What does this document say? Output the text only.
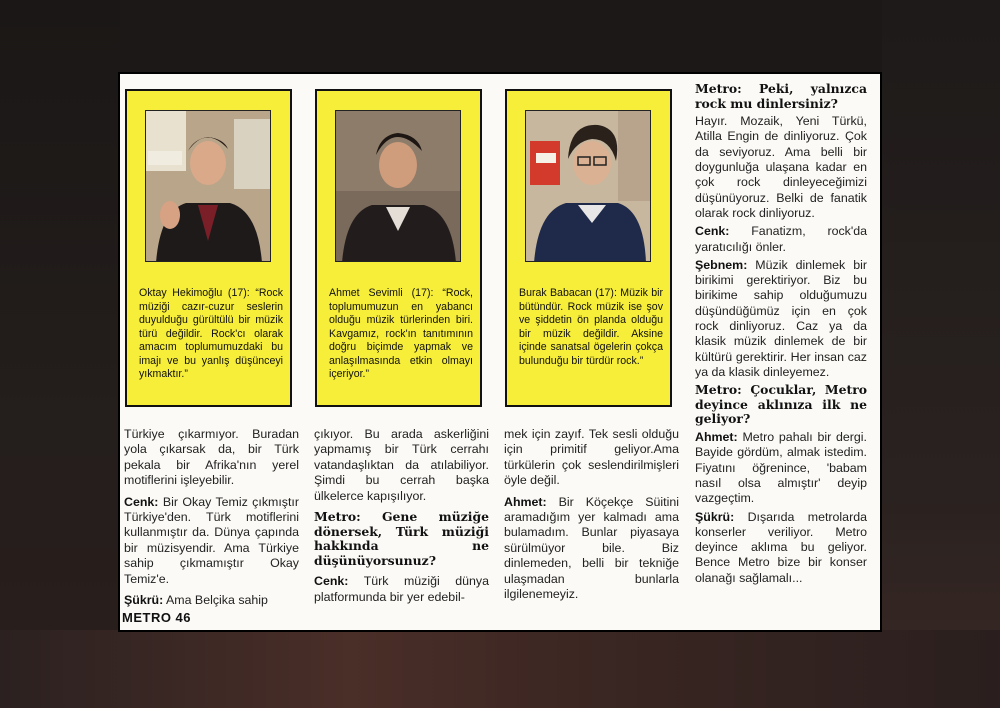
Oktay Hekimoğlu (17): “Rock müziği cazır-cuzur seslerin duyulduğu gürültülü bir müzik türü değildir. Rock'cı olarak amacım toplumumuzdaki bu imajı ve bu yanlış düşünceyi yıkmaktır.”
Ahmet Sevimli (17): “Rock, toplumumuzun en yabancı olduğu müzik türlerinden biri. Kavgamız, rock'ın tanıtımının doğru biçimde yapmak ve anlaşılmasında etkin olmayı içeriyor.”
Burak Babacan (17): Müzik bir bütündür. Rock müzik ise şov ve şiddetin ön planda olduğu bir müzik değildir. Aksine içinde sanatsal ögelerin çokça bulunduğu bir türdür rock.”

Türkiye çıkarmıyor. Buradan yola çıkarsak da, bir Türk pekala bir Afrika'nın yerel motiflerini işleyebilir.

Cenk: Bir Okay Temiz çıkmıştır Türkiye'den. Türk motiflerini kullanmıştır da. Dünya çapında bir müzisyendir. Ama Türkiye sahip çıkmamıştır Okay Temiz'e.

Şükrü: Ama Belçika sahip

çıkıyor. Bu arada askerliğini yapmamış bir Türk cerrahı vatandaşlıktan da atılabiliyor. Şimdi bu cerrah başka ülkelerce kapışılıyor.

Metro: Gene müziğe dönersek, Türk müziği hakkında ne düşünüyorsunuz?

Cenk: Türk müziği dünya platformunda bir yer edebil-

mek için zayıf. Tek sesli olduğu için primitif geliyor.Ama türkülerin çok seslendirilmişleri öyle değil.

Ahmet: Bir Köçekçe Süitini aramadığım yer kalmadı ama bulamadım. Bunlar piyasaya sürülmüyor bile. Biz dinlemeden, belli bir tekniğe ulaşmadan bunlarla ilgilenemeyiz.

Metro: Peki, yalnızca rock mu dinlersiniz?

Hayır. Mozaik, Yeni Türkü, Atilla Engin de dinliyoruz. Çok da seviyoruz. Ama belli bir doygunluğa ulaşana kadar en çok rock dinleyeceğimizi düşünüyoruz. Belki de fanatik olarak rock dinliyoruz.

Cenk: Fanatizm, rock'da yaratıcılığı önler.

Şebnem: Müzik dinlemek bir birikimi gerektiriyor. Biz bu birikime sahip olduğumuzu düşündüğümüz için en çok rock dinliyoruz. Caz ya da klasik müzik dinlemek de bir kültürü gerektirir. Her insan caz ya da klasik dinleyemez.

Metro: Çocuklar, Metro deyince aklınıza ilk ne geliyor?

Ahmet: Metro pahalı bir dergi. Bayide gördüm, almak istedim. Fiyatını öğrenince, 'babam nasıl olsa almıştır' deyip vazgeçtim.

Şükrü: Dışarıda metrolarda konserler veriliyor. Metro deyince aklıma bu geliyor. Bence Metro bize bir konser olanağı sağlamalı...

METRO 46
